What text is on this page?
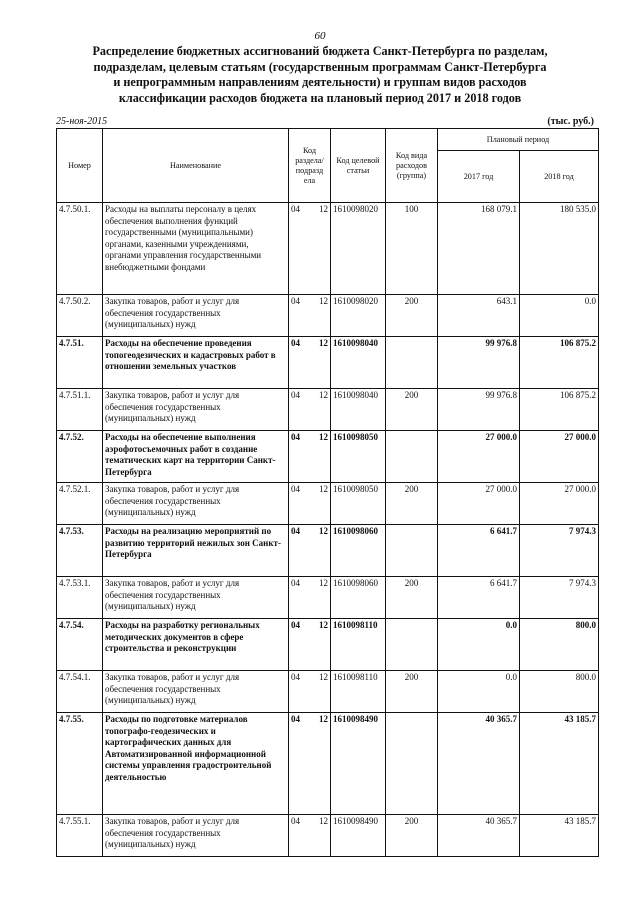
60
Распределение бюджетных ассигнований бюджета Санкт-Петербурга по разделам,
подразделам, целевым статьям (государственным программам Санкт-Петербурга
и непрограммным направлениям деятельности) и группам видов расходов
классификации расходов бюджета на плановый период 2017 и 2018 годов
25-ноя-2015	(тыс. руб.)
Номер	Наименование	Код раздела/ подразд ела	Код целевой статьи	Код вида расходов (группа)	Плановый период	
					2017 год	2018 год
4.7.50.1.	Расходы на выплаты персоналу в целях обеспечения выполнения функций государственными (муниципальными) органами, казенными учреждениями, органами управления государственными внебюджетными фондами	04 12	1610098020	100	168 079.1	180 535.0
4.7.50.2.	Закупка товаров, работ и услуг для обеспечения государственных (муниципальных) нужд	04 12	1610098020	200	643.1	0.0
4.7.51.	Расходы на обеспечение проведения топогеодезических и кадастровых работ в отношении земельных участков	04 12	1610098040		99 976.8	106 875.2
4.7.51.1.	Закупка товаров, работ и услуг для обеспечения государственных (муниципальных) нужд	04 12	1610098040	200	99 976.8	106 875.2
4.7.52.	Расходы на обеспечение выполнения аэрофотосъемочных работ в создание тематических карт на территории Санкт-Петербурга	04 12	1610098050		27 000.0	27 000.0
4.7.52.1.	Закупка товаров, работ и услуг для обеспечения государственных (муниципальных) нужд	04 12	1610098050	200	27 000.0	27 000.0
4.7.53.	Расходы на реализацию мероприятий по развитию территорий нежилых зон Санкт-Петербурга	04 12	1610098060		6 641.7	7 974.3
4.7.53.1.	Закупка товаров, работ и услуг для обеспечения государственных (муниципальных) нужд	04 12	1610098060	200	6 641.7	7 974.3
4.7.54.	Расходы на разработку региональных методических документов в сфере строительства и реконструкции	04 12	1610098110		0.0	800.0
4.7.54.1.	Закупка товаров, работ и услуг для обеспечения государственных (муниципальных) нужд	04 12	1610098110	200	0.0	800.0
4.7.55.	Расходы по подготовке материалов топографо-геодезических и картографических данных для Автоматизированной информационной системы управления градостроительной деятельностью	04 12	1610098490		40 365.7	43 185.7
4.7.55.1.	Закупка товаров, работ и услуг для обеспечения государственных (муниципальных) нужд	04 12	1610098490	200	40 365.7	43 185.7
